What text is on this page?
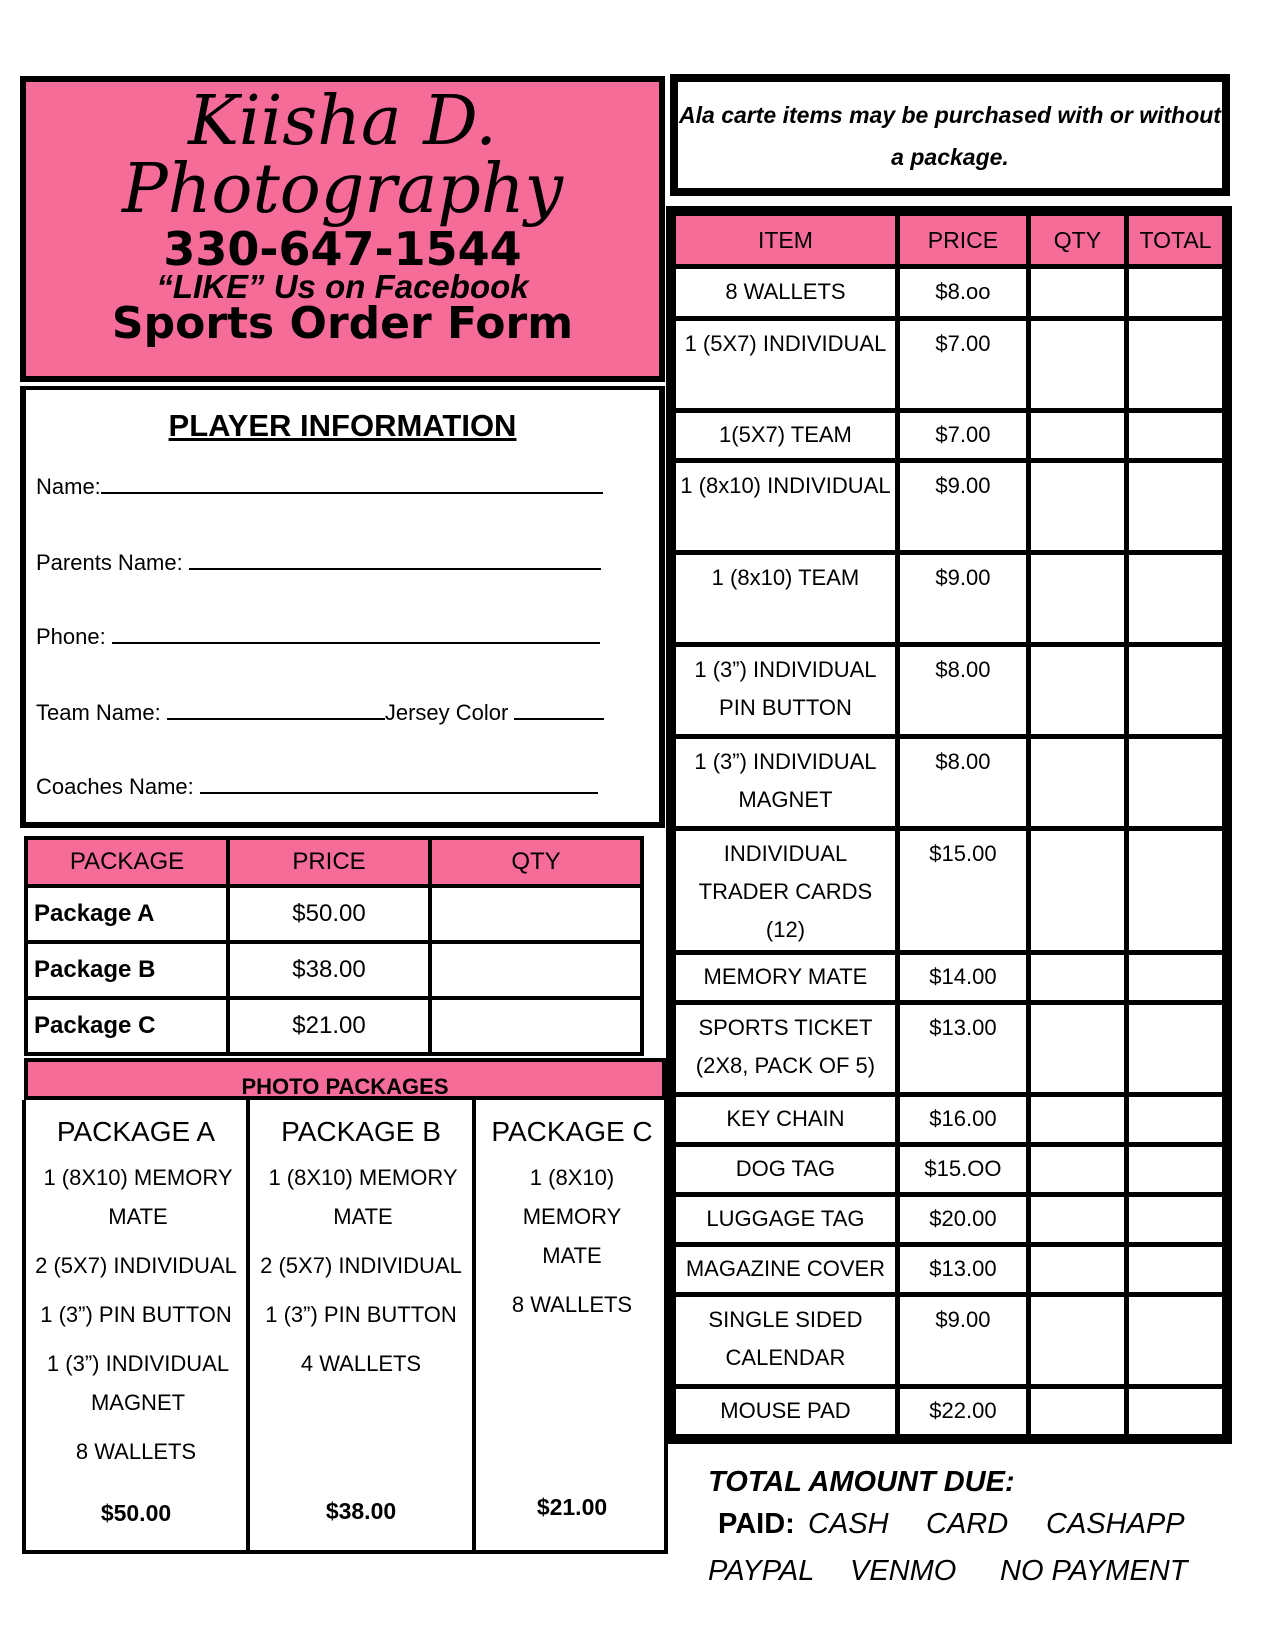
Kiisha D.
Photography
330-647-1544
“LIKE” Us on Facebook
Sports Order Form
PLAYER INFORMATION
Name:
Parents Name:
Phone:
Team Name:	Jersey Color
Coaches Name:
PACKAGE	PRICE	QTY
Package A	$50.00	
Package B	$38.00	
Package C	$21.00	
PHOTO PACKAGES
PACKAGE A
1 (8X10) MEMORY MATE
2 (5X7) INDIVIDUAL
1 (3”) PIN BUTTON
1 (3”) INDIVIDUAL MAGNET
8 WALLETS
$50.00
PACKAGE B
1 (8X10) MEMORY MATE
2 (5X7) INDIVIDUAL
1 (3”) PIN BUTTON
4 WALLETS
$38.00
PACKAGE C
1 (8X10) MEMORY MATE
8 WALLETS
$21.00
Ala carte items may be purchased with or without a package.
ITEM	PRICE	QTY	TOTAL
8 WALLETS	$8.oo		
1 (5X7) INDIVIDUAL	$7.00		
1(5X7) TEAM	$7.00		
1 (8x10) INDIVIDUAL	$9.00		
1 (8x10) TEAM	$9.00		
1 (3”) INDIVIDUAL PIN BUTTON	$8.00		
1 (3”) INDIVIDUAL MAGNET	$8.00		
INDIVIDUAL TRADER CARDS (12)	$15.00		
MEMORY MATE	$14.00		
SPORTS TICKET (2X8, PACK OF 5)	$13.00		
KEY CHAIN	$16.00		
DOG TAG	$15.OO		
LUGGAGE TAG	$20.00		
MAGAZINE COVER	$13.00		
SINGLE SIDED CALENDAR	$9.00		
MOUSE PAD	$22.00		
TOTAL AMOUNT DUE:
PAID: CASH CARD CASHAPP
PAYPAL VENMO NO PAYMENT
